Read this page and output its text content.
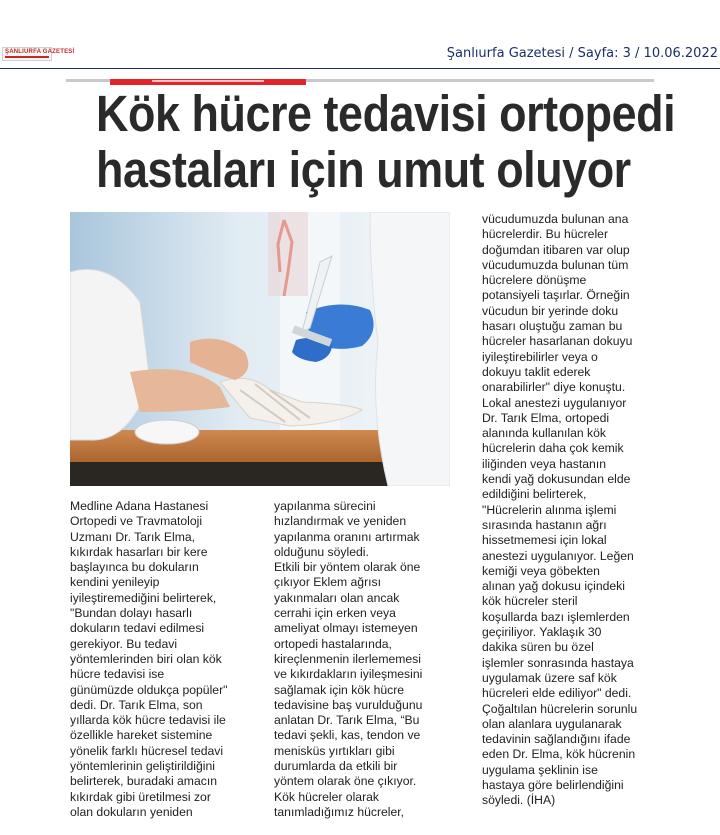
ŞANLIURFA GAZETESİ	Şanlıurfa Gazetesi / Sayfa: 3 / 10.06.2022
Kök hücre tedavisi ortopedi
hastaları için umut oluyor
Medline Adana Hastanesi
Ortopedi ve Travmatoloji
Uzmanı Dr. Tarık Elma,
kıkırdak hasarları bir kere
başlayınca bu dokuların
kendini yenileyip
iyileştiremediğini belirterek,
"Bundan dolayı hasarlı
dokuların tedavi edilmesi
gerekiyor. Bu tedavi
yöntemlerinden biri olan kök
hücre tedavisi ise
günümüzde oldukça popüler"
dedi. Dr. Tarık Elma, son
yıllarda kök hücre tedavisi ile
özellikle hareket sistemine
yönelik farklı hücresel tedavi
yöntemlerinin geliştirildiğini
belirterek, buradaki amacın
kıkırdak gibi üretilmesi zor
olan dokuların yeniden
yapılanma sürecini
hızlandırmak ve yeniden
yapılanma oranını artırmak
olduğunu söyledi.
Etkili bir yöntem olarak öne
çıkıyor Eklem ağrısı
yakınmaları olan ancak
cerrahi için erken veya
ameliyat olmayı istemeyen
ortopedi hastalarında,
kireçlenmenin ilerlememesi
ve kıkırdakların iyileşmesini
sağlamak için kök hücre
tedavisine baş vurulduğunu
anlatan Dr. Tarık Elma, “Bu
tedavi şekli, kas, tendon ve
menisküs yırtıkları gibi
durumlarda da etkili bir
yöntem olarak öne çıkıyor.
Kök hücreler olarak
tanımladığımız hücreler,
vücudumuzda bulunan ana
hücrelerdir. Bu hücreler
doğumdan itibaren var olup
vücudumuzda bulunan tüm
hücrelere dönüşme
potansiyeli taşırlar. Örneğin
vücudun bir yerinde doku
hasarı oluştuğu zaman bu
hücreler hasarlanan dokuyu
iyileştirebilirler veya o
dokuyu taklit ederek
onarabilirler" diye konuştu.
Lokal anestezi uygulanıyor
Dr. Tarık Elma, ortopedi
alanında kullanılan kök
hücrelerin daha çok kemik
iliğinden veya hastanın
kendi yağ dokusundan elde
edildiğini belirterek,
"Hücrelerin alınma işlemi
sırasında hastanın ağrı
hissetmemesi için lokal
anestezi uygulanıyor. Leğen
kemiği veya göbekten
alınan yağ dokusu içindeki
kök hücreler steril
koşullarda bazı işlemlerden
geçiriliyor. Yaklaşık 30
dakika süren bu özel
işlemler sonrasında hastaya
uygulamak üzere saf kök
hücreleri elde ediliyor" dedi.
Çoğaltılan hücrelerin sorunlu
olan alanlara uygulanarak
tedavinin sağlandığını ifade
eden Dr. Elma, kök hücrenin
uygulama şeklinin ise
hastaya göre belirlendiğini
söyledi. (İHA)
